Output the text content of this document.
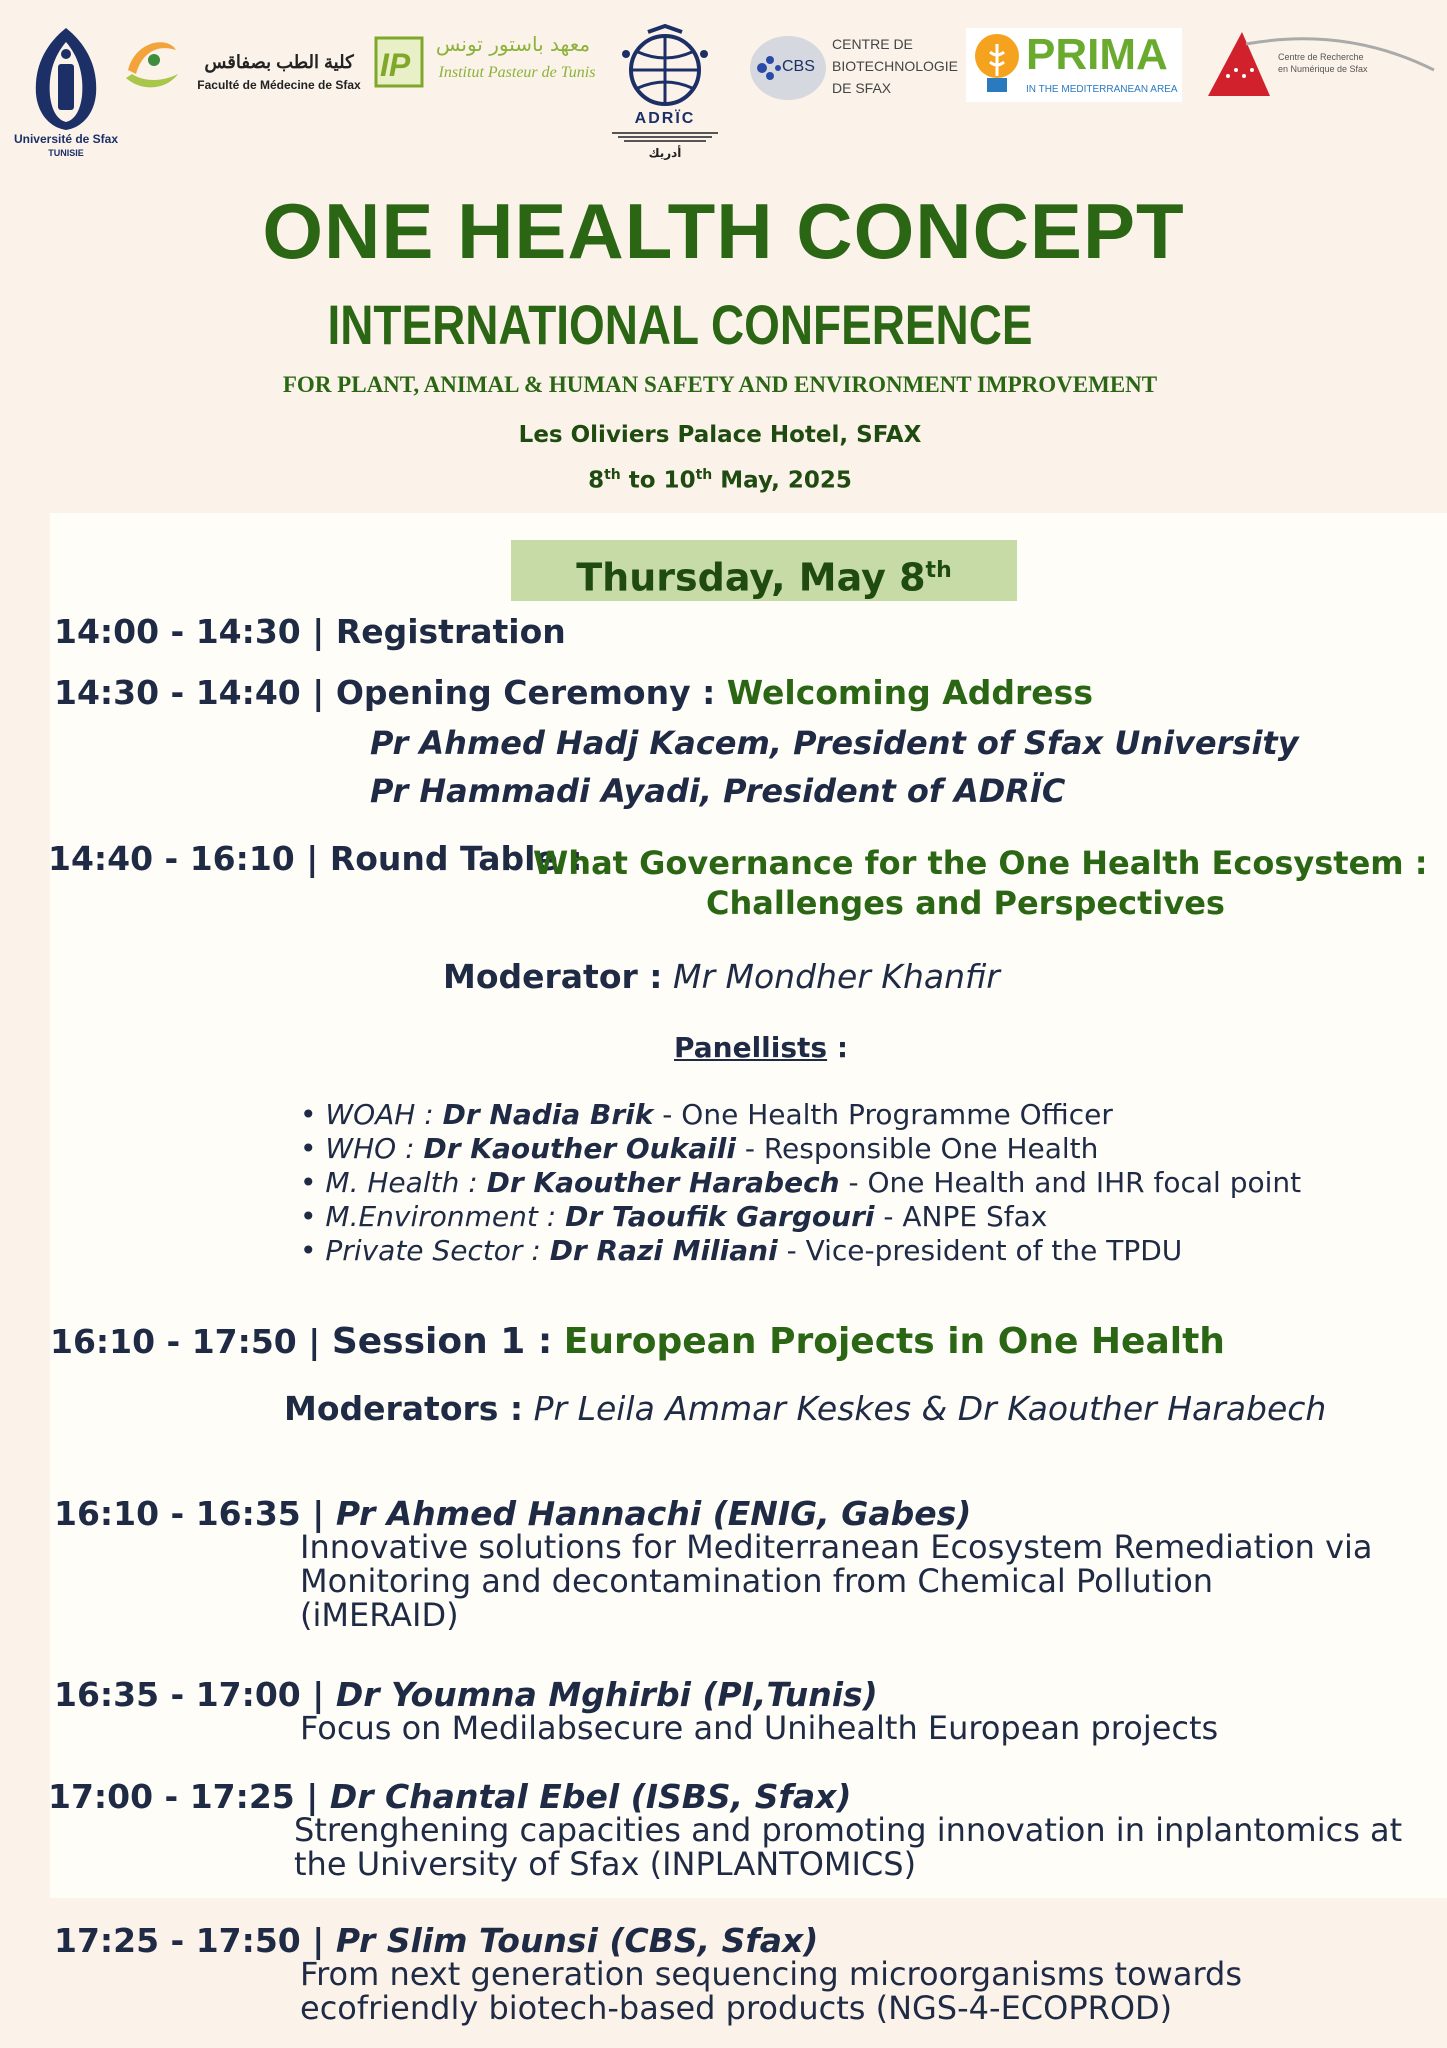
Université de Sfax
TUNISIE
كلية الطب بصفاقس
Faculté de Médecine de Sfax
IP
معهد باستور تونس
Institut Pasteur de Tunis
ADRÏC
أدريك
CBS
CENTRE DE
BIOTECHNOLOGIE
DE SFAX
PRIMA
IN THE MEDITERRANEAN AREA
Centre de Recherche
en Numérique de Sfax
ONE HEALTH CONCEPT
INTERNATIONAL CONFERENCE
FOR PLANT, ANIMAL & HUMAN SAFETY AND ENVIRONMENT IMPROVEMENT
Les Oliviers Palace Hotel, SFAX
8th to 10th May, 2025
Thursday, May 8th
14:00 - 14:30 | Registration
14:30 - 14:40 | Opening Ceremony : Welcoming Address
Pr Ahmed Hadj Kacem, President of Sfax University
Pr Hammadi Ayadi, President of ADRÏC
14:40 - 16:10 | Round Table :
What Governance for the One Health Ecosystem :
Challenges and Perspectives
Moderator : Mr Mondher Khanfir
Panellists :
• WOAH : Dr Nadia Brik - One Health Programme Officer
• WHO : Dr Kaouther Oukaili - Responsible One Health
• M. Health : Dr Kaouther Harabech - One Health and IHR focal point
• M.Environment : Dr Taoufik Gargouri - ANPE Sfax
• Private Sector : Dr Razi Miliani - Vice-president of the TPDU
16:10 - 17:50 | Session 1 : European Projects in One Health
Moderators : Pr Leila Ammar Keskes & Dr Kaouther Harabech
16:10 - 16:35 | Pr Ahmed Hannachi (ENIG, Gabes)
Innovative solutions for Mediterranean Ecosystem Remediation via
Monitoring and decontamination from Chemical Pollution
(iMERAID)
16:35 - 17:00 | Dr Youmna Mghirbi (PI,Tunis)
Focus on Medilabsecure and Unihealth European projects
17:00 - 17:25 | Dr Chantal Ebel (ISBS, Sfax)
Strenghening capacities and promoting innovation in inplantomics at
the University of Sfax (INPLANTOMICS)
17:25 - 17:50 | Pr Slim Tounsi (CBS, Sfax)
From next generation sequencing microorganisms towards
ecofriendly biotech-based products (NGS-4-ECOPROD)
